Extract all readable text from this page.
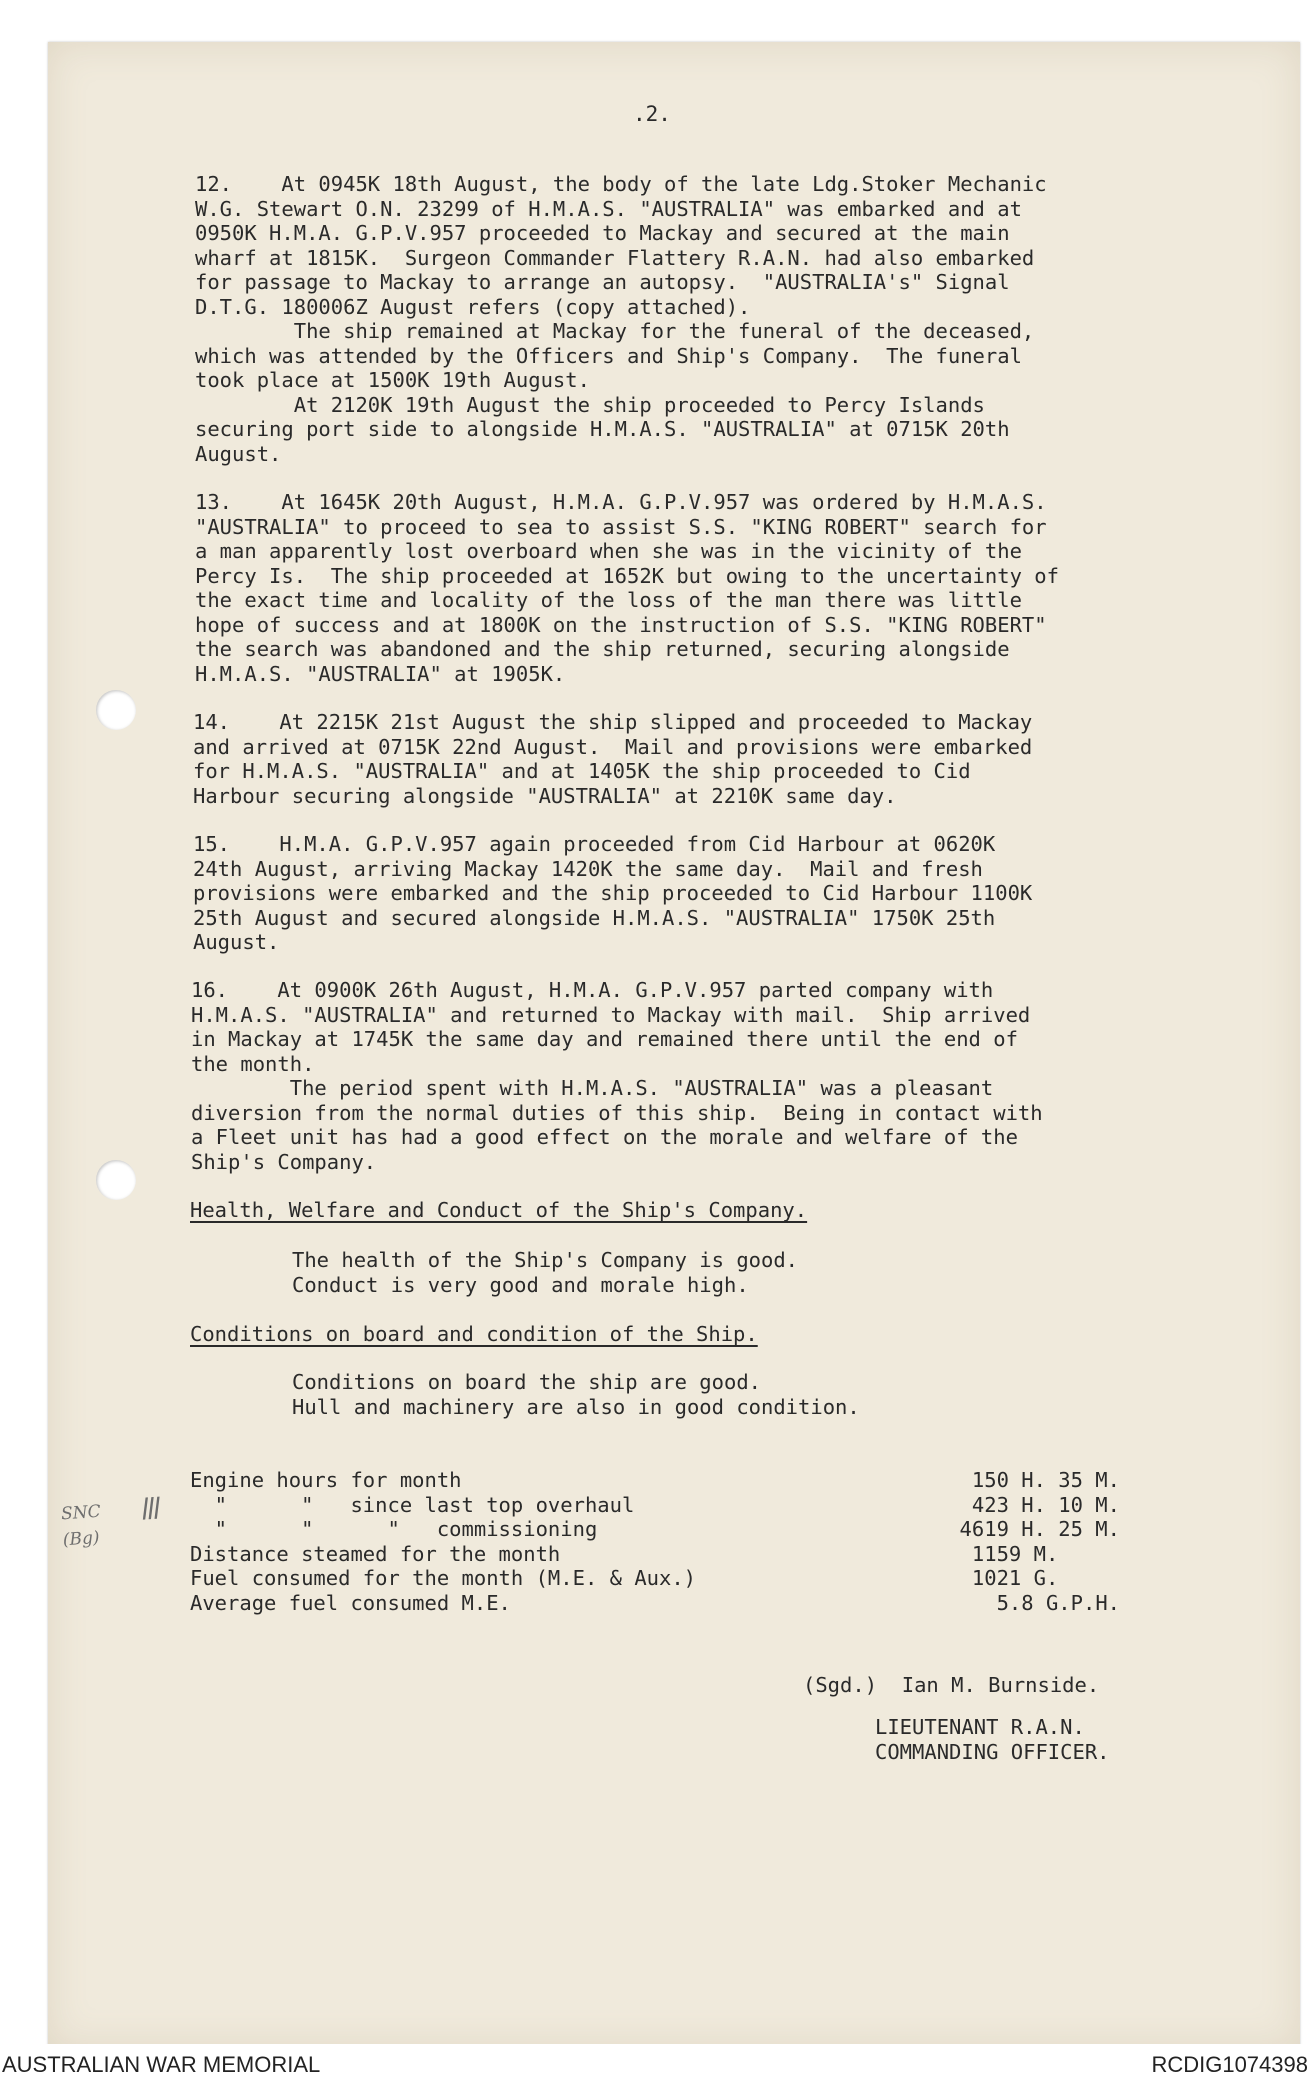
.2.
12.    At 0945K 18th August, the body of the late Ldg.Stoker Mechanic
W.G. Stewart O.N. 23299 of H.M.A.S. "AUSTRALIA" was embarked and at
0950K H.M.A. G.P.V.957 proceeded to Mackay and secured at the main
wharf at 1815K.  Surgeon Commander Flattery R.A.N. had also embarked
for passage to Mackay to arrange an autopsy.  "AUSTRALIA's" Signal
D.T.G. 180006Z August refers (copy attached).
The ship remained at Mackay for the funeral of the deceased,
which was attended by the Officers and Ship's Company.  The funeral
took place at 1500K 19th August.
At 2120K 19th August the ship proceeded to Percy Islands
securing port side to alongside H.M.A.S. "AUSTRALIA" at 0715K 20th
August.
13.    At 1645K 20th August, H.M.A. G.P.V.957 was ordered by H.M.A.S.
"AUSTRALIA" to proceed to sea to assist S.S. "KING ROBERT" search for
a man apparently lost overboard when she was in the vicinity of the
Percy Is.  The ship proceeded at 1652K but owing to the uncertainty of
the exact time and locality of the loss of the man there was little
hope of success and at 1800K on the instruction of S.S. "KING ROBERT"
the search was abandoned and the ship returned, securing alongside
H.M.A.S. "AUSTRALIA" at 1905K.
14.    At 2215K 21st August the ship slipped and proceeded to Mackay
and arrived at 0715K 22nd August.  Mail and provisions were embarked
for H.M.A.S. "AUSTRALIA" and at 1405K the ship proceeded to Cid
Harbour securing alongside "AUSTRALIA" at 2210K same day.
15.    H.M.A. G.P.V.957 again proceeded from Cid Harbour at 0620K
24th August, arriving Mackay 1420K the same day.  Mail and fresh
provisions were embarked and the ship proceeded to Cid Harbour 1100K
25th August and secured alongside H.M.A.S. "AUSTRALIA" 1750K 25th
August.
16.    At 0900K 26th August, H.M.A. G.P.V.957 parted company with
H.M.A.S. "AUSTRALIA" and returned to Mackay with mail.  Ship arrived
in Mackay at 1745K the same day and remained there until the end of
the month.
The period spent with H.M.A.S. "AUSTRALIA" was a pleasant
diversion from the normal duties of this ship.  Being in contact with
a Fleet unit has had a good effect on the morale and welfare of the
Ship's Company.
Health, Welfare and Conduct of the Ship's Company.
The health of the Ship's Company is good.
Conduct is very good and morale high.
Conditions on board and condition of the Ship.
Conditions on board the ship are good.
Hull and machinery are also in good condition.
Engine hours for month
"      "   since last top overhaul
"      "      "   commissioning
Distance steamed for the month
Fuel consumed for the month (M.E. & Aux.)
Average fuel consumed M.E.
150 H. 35 M.
423 H. 10 M.
4619 H. 25 M.
1159 M.
1021 G.
5.8 G.P.H.
SNC
(Bg)
ǀǁ
(Sgd.)  Ian M. Burnside.
LIEUTENANT R.A.N.
COMMANDING OFFICER.
AUSTRALIAN WAR MEMORIAL	RCDIG1074398
